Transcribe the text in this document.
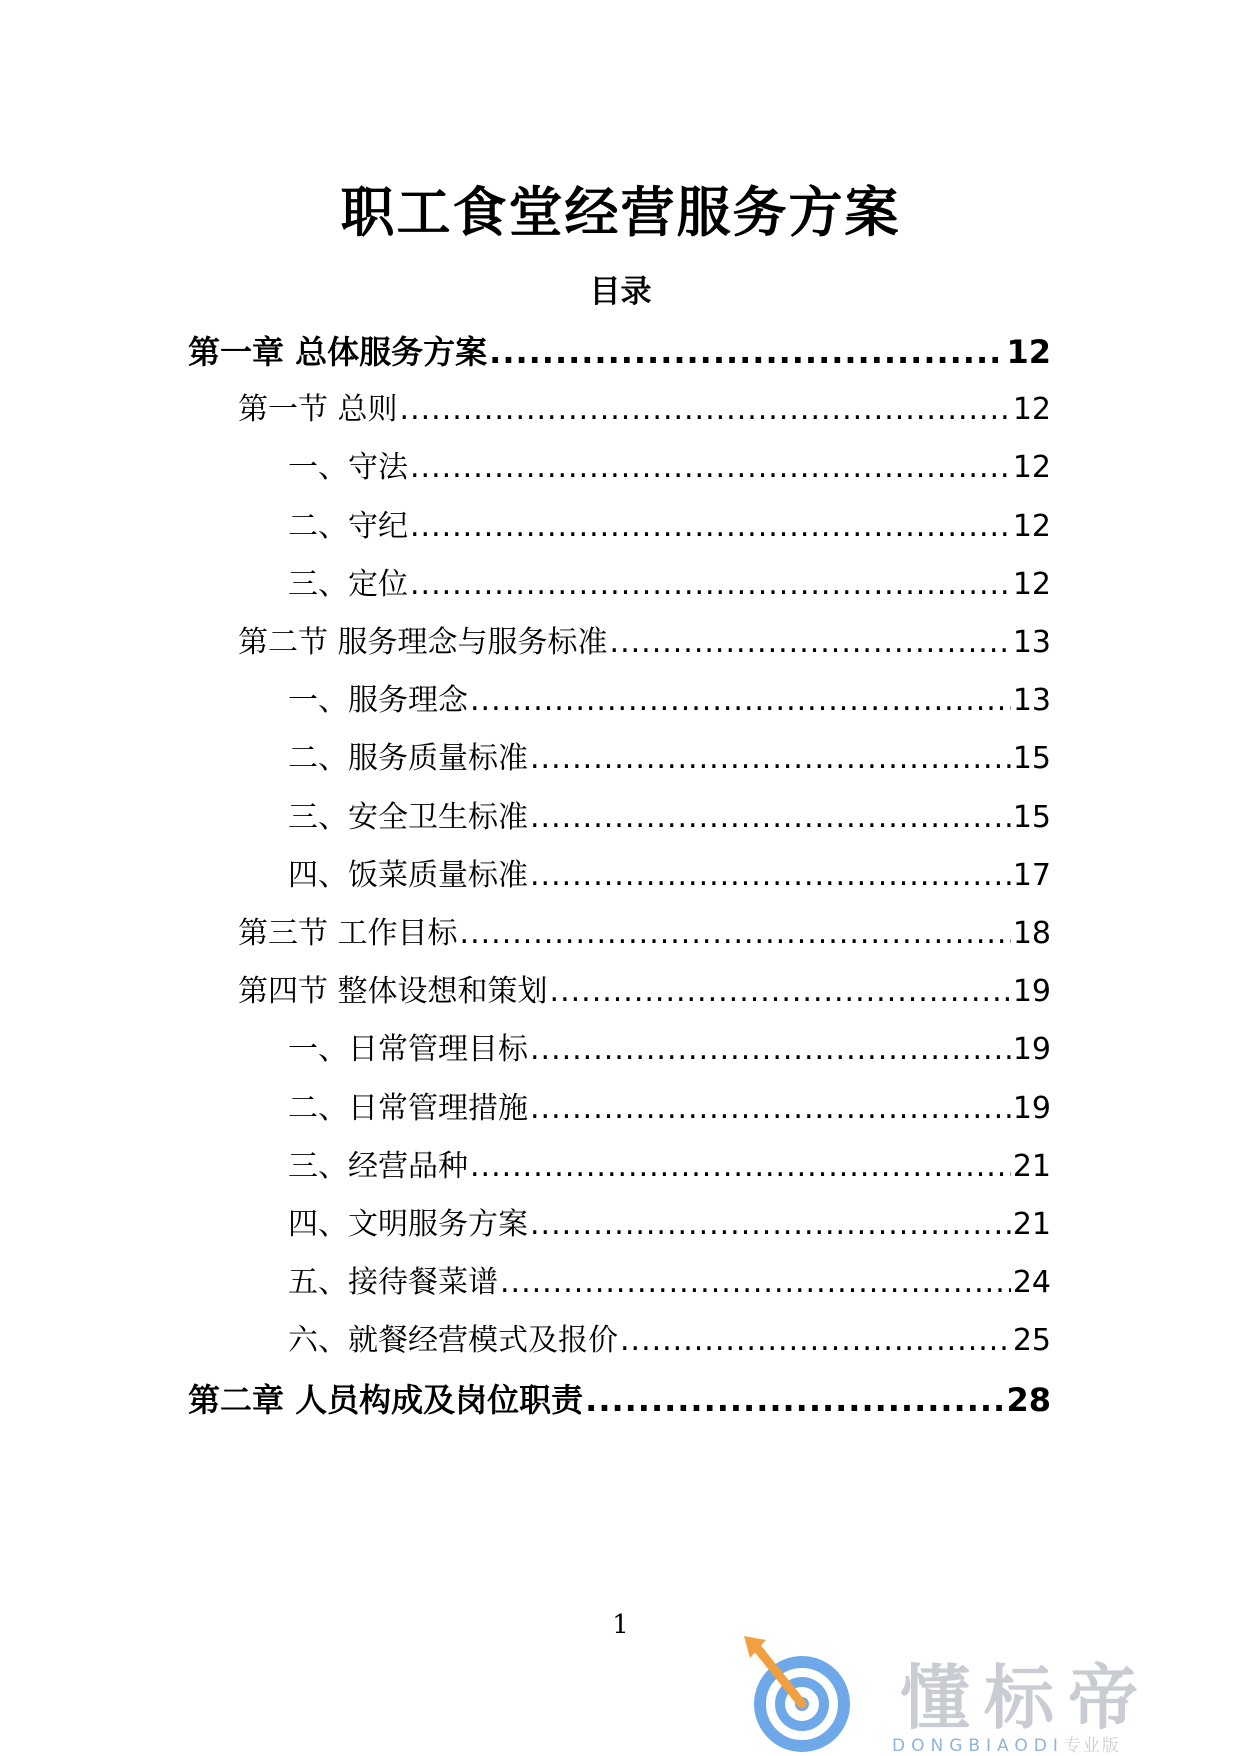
职工食堂经营服务方案
目录
第一章 总体服务方案 .....	12
第一节 总则 .....	12
一、守法 .....	12
二、守纪 .....	12
三、定位 .....	12
第二节 服务理念与服务标准 .....	13
一、服务理念 .....	13
二、服务质量标准 .....	15
三、安全卫生标准 .....	15
四、饭菜质量标准 .....	17
第三节 工作目标 .....	18
第四节 整体设想和策划 .....	19
一、日常管理目标 .....	19
二、日常管理措施 .....	19
三、经营品种 .....	21
四、文明服务方案 .....	21
五、接待餐菜谱 .....	24
六、就餐经营模式及报价 .....	25
第二章 人员构成及岗位职责 .....	28
1
懂标帝
DONGBIAODI专业版
